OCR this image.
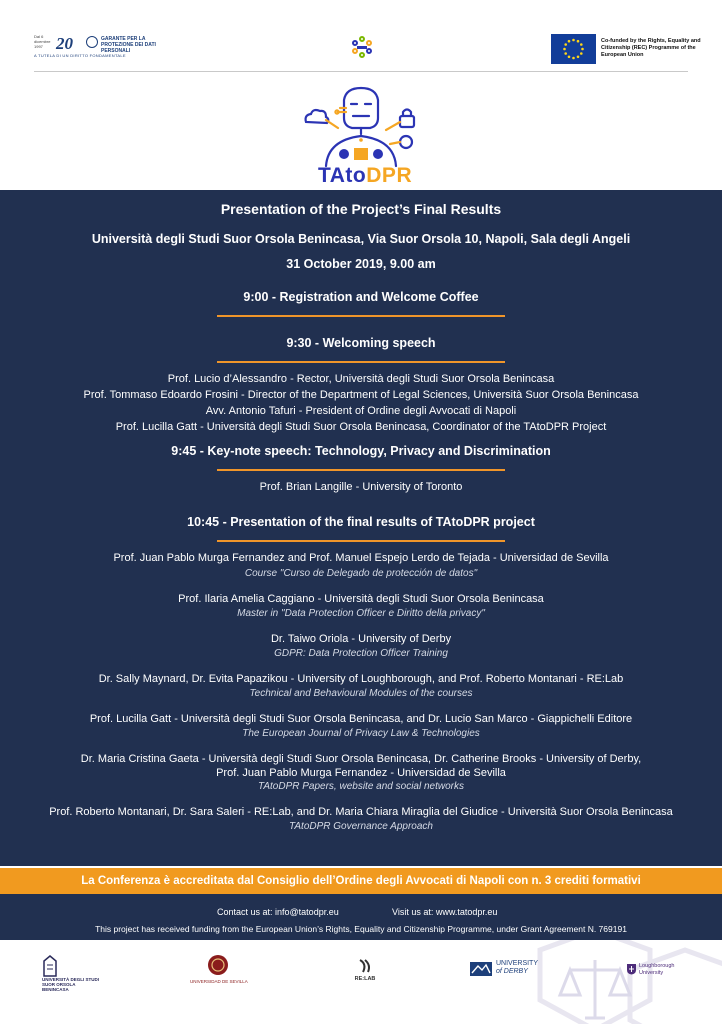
Dal 6 dicembre 1997 20	GARANTE PER LA PROTEZIONE DEI DATI PERSONALI
A TUTELA DI UN DIRITTO FONDAMENTALE
Co-funded by the Rights, Equality and Citizenship (REC) Programme of the European Union
TAtoDPR
Presentation of the Project’s Final Results
Università degli Studi Suor Orsola Benincasa, Via Suor Orsola 10, Napoli, Sala degli Angeli
31 October 2019, 9.00 am
9:00 - Registration and Welcome Coffee
9:30 - Welcoming speech
Prof. Lucio d’Alessandro - Rector, Università degli Studi Suor Orsola Benincasa
Prof. Tommaso Edoardo Frosini - Director of the Department of Legal Sciences, Università Suor Orsola Benincasa
Avv. Antonio Tafuri - President of Ordine degli Avvocati di Napoli
Prof. Lucilla Gatt - Università degli Studi Suor Orsola Benincasa, Coordinator of the TAtoDPR Project
9:45 - Key-note speech: Technology, Privacy and Discrimination
Prof. Brian Langille - University of Toronto
10:45 - Presentation of the final results of TAtoDPR project
Prof. Juan Pablo Murga Fernandez and Prof. Manuel Espejo Lerdo de Tejada - Universidad de Sevilla
Course "Curso de Delegado de protección de datos"
Prof. Ilaria Amelia Caggiano - Università degli Studi Suor Orsola Benincasa
Master in "Data Protection Officer e Diritto della privacy"
Dr. Taiwo Oriola - University of Derby
GDPR: Data Protection Officer Training
Dr. Sally Maynard, Dr. Evita Papazikou - University of Loughborough, and Prof. Roberto Montanari - RE:Lab
Technical and Behavioural Modules of the courses
Prof. Lucilla Gatt - Università degli Studi Suor Orsola Benincasa, and Dr. Lucio San Marco - Giappichelli Editore
The European Journal of Privacy Law & Technologies
Dr. Maria Cristina Gaeta - Università degli Studi Suor Orsola Benincasa, Dr. Catherine Brooks - University of Derby,
Prof. Juan Pablo Murga Fernandez - Universidad de Sevilla
TAtoDPR Papers, website and social networks
Prof. Roberto Montanari, Dr. Sara Saleri - RE:Lab, and Dr. Maria Chiara Miraglia del Giudice - Università Suor Orsola Benincasa
TAtoDPR Governance Approach
La Conferenza è accreditata dal Consiglio dell’Ordine degli Avvocati di Napoli con n. 3 crediti formativi
Contact us at: info@tatodpr.eu	Visit us at: www.tatodpr.eu
This project has received funding from the European Union’s Rights, Equality and Citizenship Programme, under Grant Agreement N. 769191
UNIVERSITÀ DEGLI STUDI SUOR ORSOLA BENINCASA
UNIVERSIDAD DE SEVILLA	RE:LAB
UNIVERSITY
of DERBY
Loughborough
University
